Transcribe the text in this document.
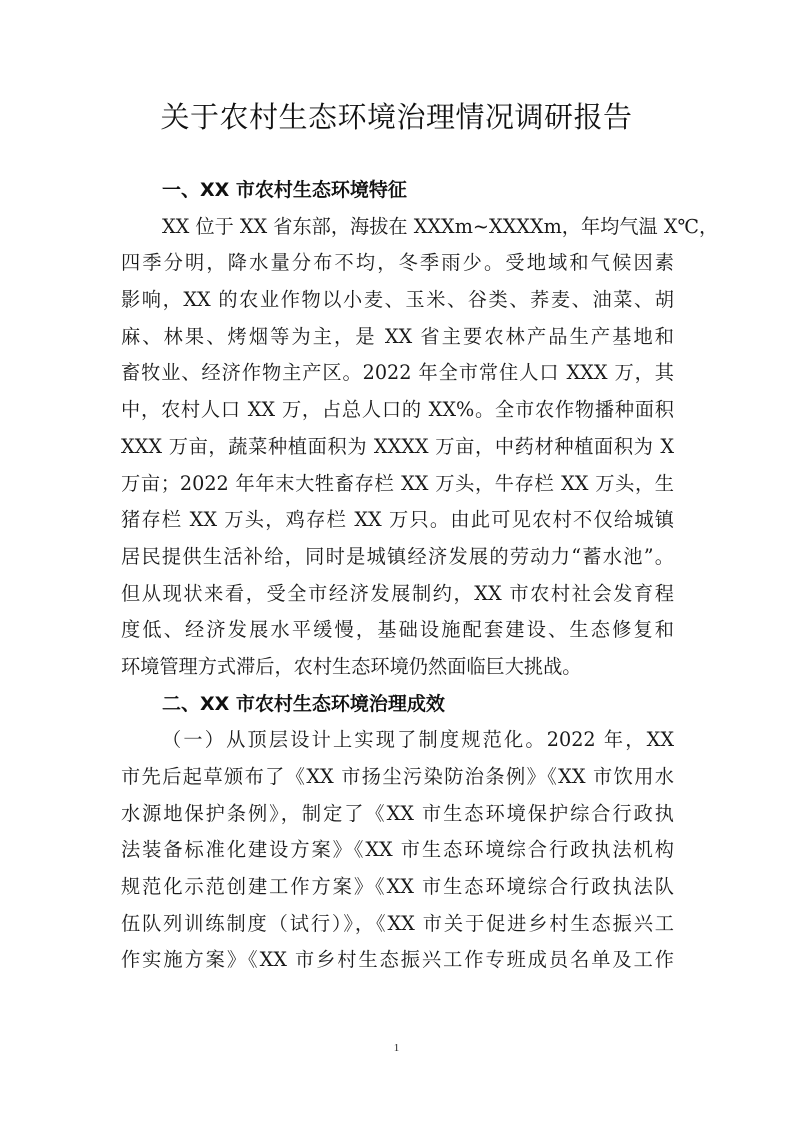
关于农村生态环境治理情况调研报告
一、XX 市农村生态环境特征
XX 位于 XX 省东部，海拔在 XXXm~XXXXm，年均气温 X℃，
四季分明，降水量分布不均，冬季雨少。受地域和气候因素
影响，XX 的农业作物以小麦、玉米、谷类、荞麦、油菜、胡
麻、林果、烤烟等为主，是 XX 省主要农林产品生产基地和
畜牧业、经济作物主产区。2022 年全市常住人口 XXX 万，其
中，农村人口 XX 万，占总人口的 XX%。全市农作物播种面积
XXX 万亩，蔬菜种植面积为 XXXX 万亩，中药材种植面积为 X
万亩；2022 年年末大牲畜存栏 XX 万头，牛存栏 XX 万头，生
猪存栏 XX 万头，鸡存栏 XX 万只。由此可见农村不仅给城镇
居民提供生活补给，同时是城镇经济发展的劳动力“蓄水池”。
但从现状来看，受全市经济发展制约，XX 市农村社会发育程
度低、经济发展水平缓慢，基础设施配套建设、生态修复和
环境管理方式滞后，农村生态环境仍然面临巨大挑战。
二、XX 市农村生态环境治理成效
（一）从顶层设计上实现了制度规范化。2022 年，XX
市先后起草颁布了《XX 市扬尘污染防治条例》《XX 市饮用水
水源地保护条例》，制定了《XX 市生态环境保护综合行政执
法装备标准化建设方案》《XX 市生态环境综合行政执法机构
规范化示范创建工作方案》《XX 市生态环境综合行政执法队
伍队列训练制度（试行）》，《XX 市关于促进乡村生态振兴工
作实施方案》《XX 市乡村生态振兴工作专班成员名单及工作
1
